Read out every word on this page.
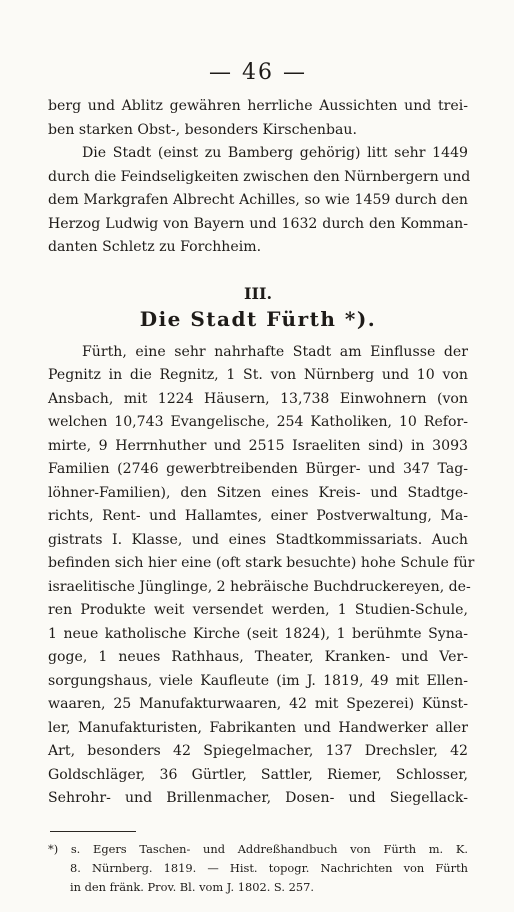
— 46 —

berg und Ablitz gewähren herrliche Aussichten und trei-
ben starken Obst-, besonders Kirschenbau.

Die Stadt (einst zu Bamberg gehörig) litt sehr 1449
durch die Feindseligkeiten zwischen den Nürnbergern und
dem Markgrafen Albrecht Achilles, so wie 1459 durch den
Herzog Ludwig von Bayern und 1632 durch den Komman-
danten Schletz zu Forchheim.

III.
Die Stadt Fürth *).

Fürth, eine sehr nahrhafte Stadt am Einflusse der
Pegnitz in die Regnitz, 1 St. von Nürnberg und 10 von
Ansbach, mit 1224 Häusern, 13,738 Einwohnern (von
welchen 10,743 Evangelische, 254 Katholiken, 10 Refor-
mirte, 9 Herrnhuther und 2515 Israeliten sind) in 3093
Familien (2746 gewerbtreibenden Bürger- und 347 Tag-
löhner-Familien), den Sitzen eines Kreis- und Stadtge-
richts, Rent- und Hallamtes, einer Postverwaltung, Ma-
gistrats I. Klasse, und eines Stadtkommissariats. Auch
befinden sich hier eine (oft stark besuchte) hohe Schule für
israelitische Jünglinge, 2 hebräische Buchdruckereyen, de-
ren Produkte weit versendet werden, 1 Studien-Schule,
1 neue katholische Kirche (seit 1824), 1 berühmte Syna-
goge, 1 neues Rathhaus, Theater, Kranken- und Ver-
sorgungshaus, viele Kaufleute (im J. 1819, 49 mit Ellen-
waaren, 25 Manufakturwaaren, 42 mit Spezerei) Künst-
ler, Manufakturisten, Fabrikanten und Handwerker aller
Art, besonders 42 Spiegelmacher, 137 Drechsler, 42
Goldschläger, 36 Gürtler, Sattler, Riemer, Schlosser,
Sehrohr- und Brillenmacher, Dosen- und Siegellack-

*) s. Egers Taschen- und Addreßhandbuch von Fürth m. K.
8. Nürnberg. 1819. — Hist. topogr. Nachrichten von Fürth
in den fränk. Prov. Bl. vom J. 1802. S. 257.
